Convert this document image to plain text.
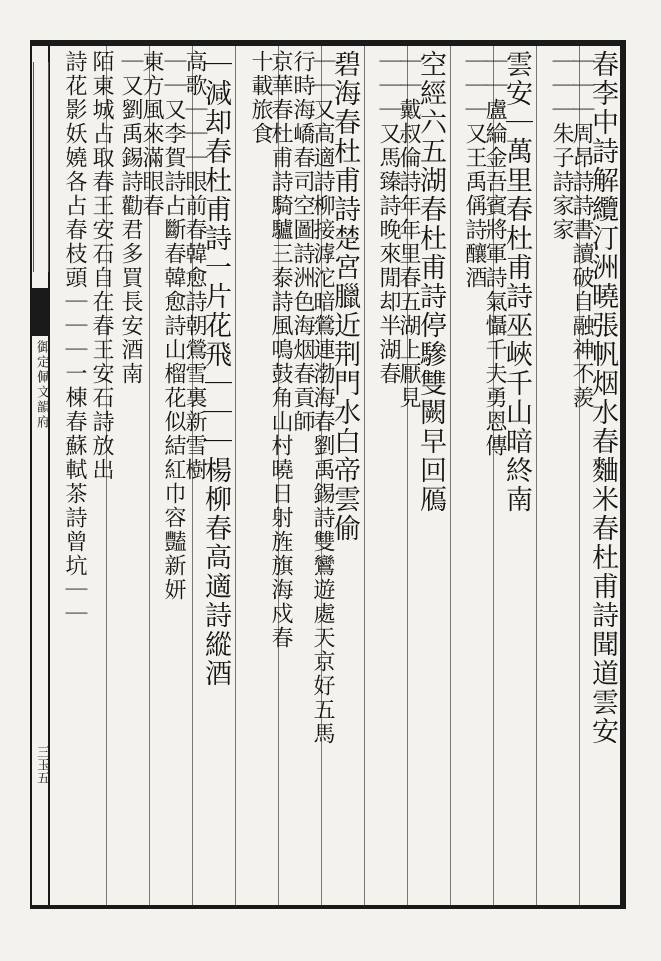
御定佩文韻府
三玉五
春李中詩解纜汀洲曉張帆烟水春麯米春杜甫詩聞道雲安
｜｜｜周昂詩詩書讀破自融神不羨
｜｜｜朱子詩家家
雲安｜萬里春杜甫詩巫峽千山暗終南
｜｜盧綸金吾賓將軍詩氣懾千夫勇恩傳
｜｜｜又王禹偁詩釀酒
空經六五湖春杜甫詩停驂雙闕早回鴈
｜｜戴叔倫詩年年里春五湖上厭見
｜｜｜又馬臻詩晚來閒却半湖春
碧海春杜甫詩楚宮臘近荆門水白帝雲偷
｜｜又高適詩柳接滹沱暗鶯連渤海春劉禹錫詩雙鸞遊處天京好五馬
行時海嶠春司空圖詩洲色海烟春貢師
京華春杜甫詩騎驢三泰詩風鳴鼓角山村曉日射旌旗海戍春
十載旅食
｜減却春杜甫詩一片花飛｜｜｜楊柳春高適詩縱酒
高歌｜｜｜眼前春韓愈詩朝鶯雪裏新雪樹
｜｜又李賀詩占斷春韓愈詩山榴花似結紅巾容豔新妍
東方風來滿眼春
｜又劉禹錫詩勸君多買長安酒南
陌東城占取春王安石自在春王安石詩放出
詩花影妖嬈各占春枝頭｜｜｜一棟春蘇軾茶詩曾坑｜｜
